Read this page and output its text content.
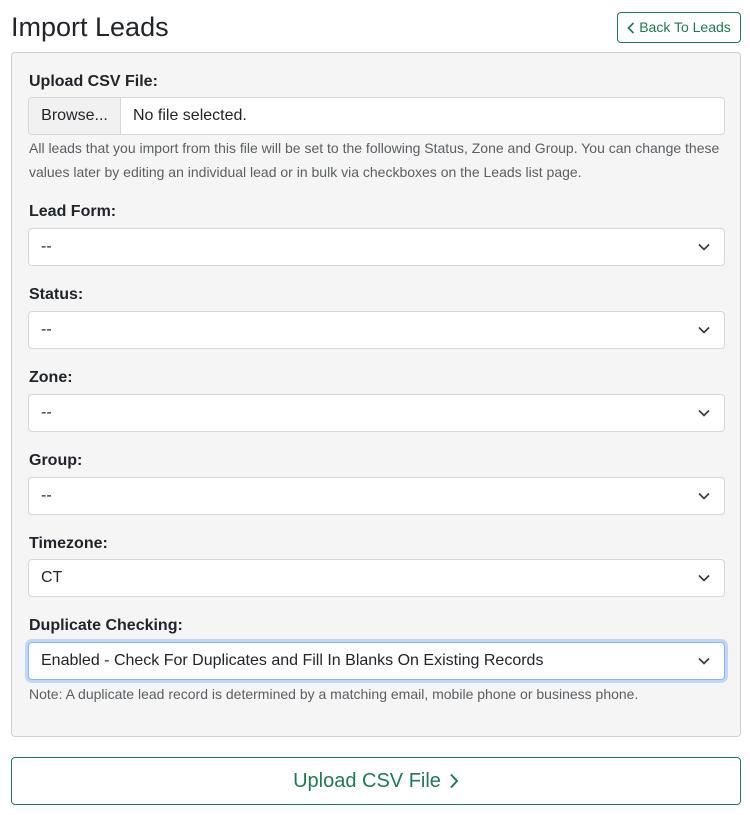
Import Leads	Back To Leads
Upload CSV File:
Browse...	No file selected.
All leads that you import from this file will be set to the following Status, Zone and Group. You can change these values later by editing an individual lead or in bulk via checkboxes on the Leads list page.
Lead Form:
--
Status:
--
Zone:
--
Group:
--
Timezone:
CT
Duplicate Checking:
Enabled - Check For Duplicates and Fill In Blanks On Existing Records
Note: A duplicate lead record is determined by a matching email, mobile phone or business phone.
Upload CSV File
